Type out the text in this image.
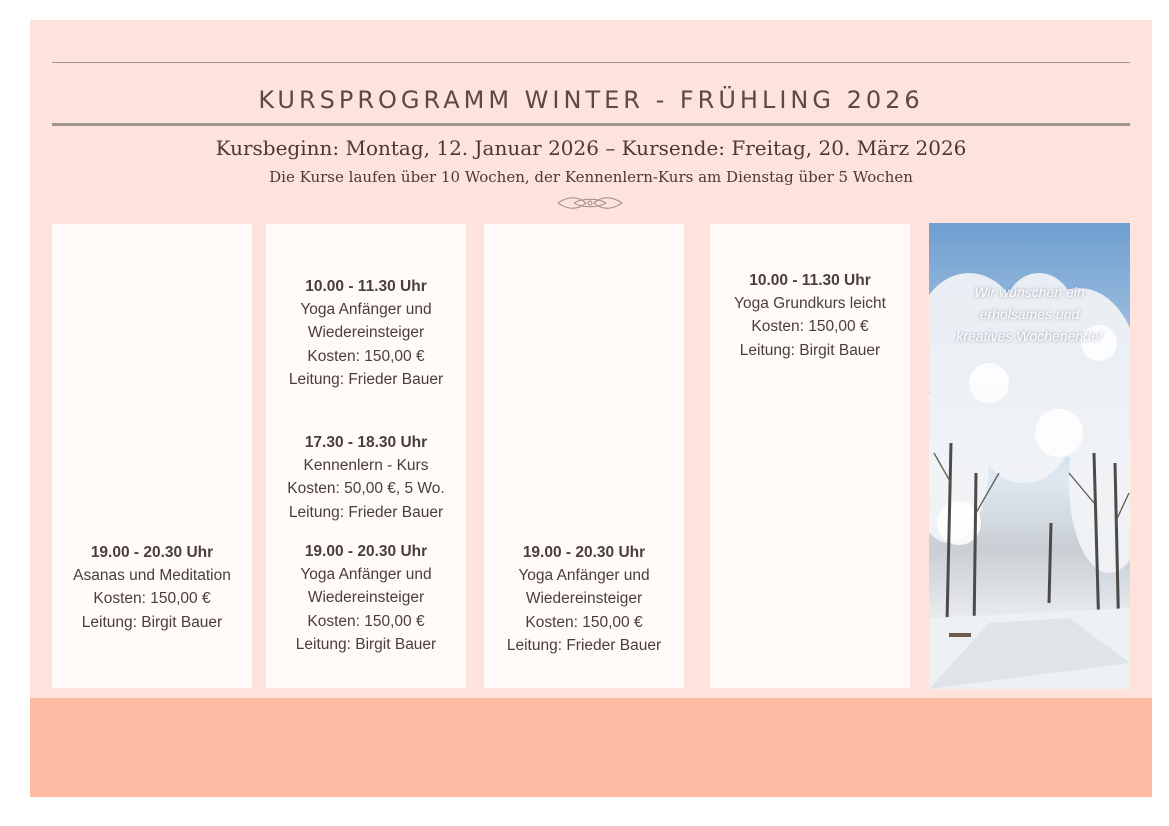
KURSPROGRAMM WINTER - FRÜHLING 2026
Kursbeginn: Montag, 12. Januar 2026 – Kursende: Freitag, 20. März 2026
Die Kurse laufen über 10 Wochen, der Kennenlern-Kurs am Dienstag über 5 Wochen
19.00 - 20.30 Uhr
Asanas und Meditation
Kosten: 150,00 €
Leitung: Birgit Bauer
10.00 - 11.30 Uhr
Yoga Anfänger und
Wiedereinsteiger
Kosten: 150,00 €
Leitung: Frieder Bauer
17.30 - 18.30 Uhr
Kennenlern - Kurs
Kosten: 50,00 €, 5 Wo.
Leitung: Frieder Bauer
19.00 - 20.30 Uhr
Yoga Anfänger und
Wiedereinsteiger
Kosten: 150,00 €
Leitung: Birgit Bauer
19.00 - 20.30 Uhr
Yoga Anfänger und
Wiedereinsteiger
Kosten: 150,00 €
Leitung: Frieder Bauer
10.00 - 11.30 Uhr
Yoga Grundkurs leicht
Kosten: 150,00 €
Leitung: Birgit Bauer
Wir wünschen ein
erholsames und
kreatives Wochenende!
